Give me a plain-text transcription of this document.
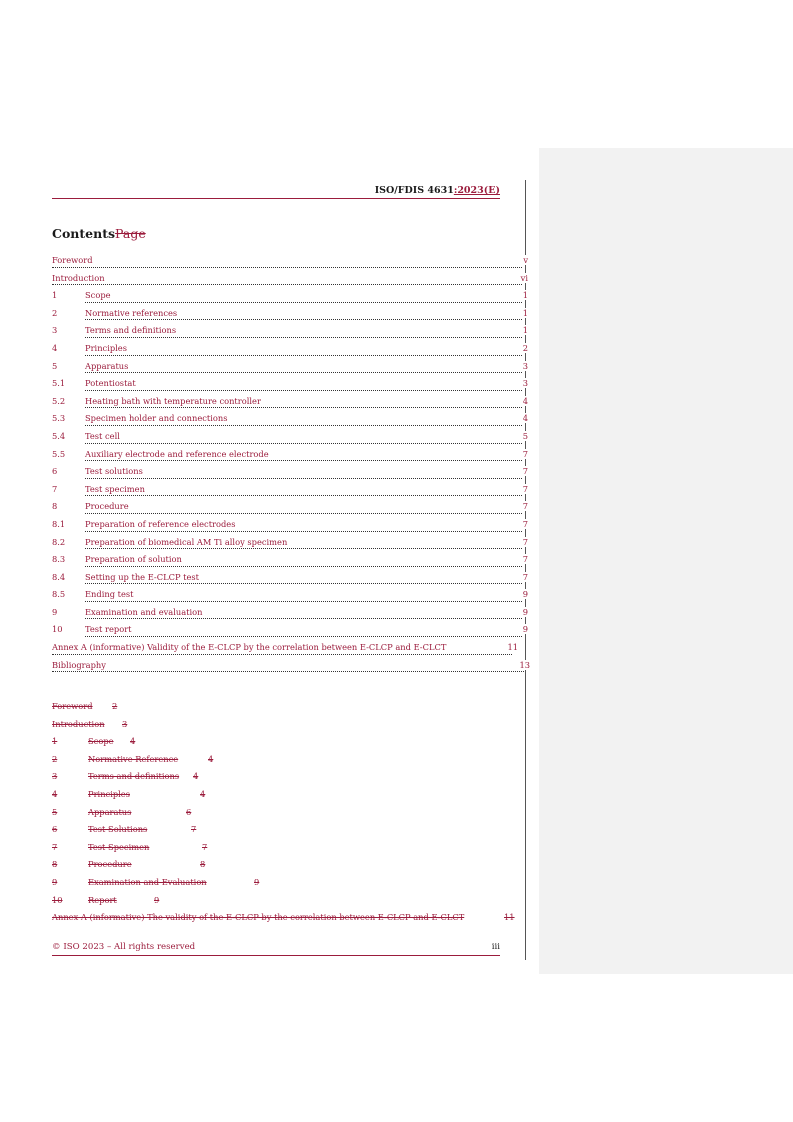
ISO/FDIS 4631:2023(E)
ContentsPage
Foreword	v
Introduction	vi
1	Scope	1
2	Normative references	1
3	Terms and definitions	1
4	Principles	2
5	Apparatus	3
5.1	Potentiostat	3
5.2	Heating bath with temperature controller	4
5.3	Specimen holder and connections	4
5.4	Test cell	5
5.5	Auxiliary electrode and reference electrode	7
6	Test solutions	7
7	Test specimen	7
8	Procedure	7
8.1	Preparation of reference electrodes	7
8.2	Preparation of biomedical AM Ti alloy specimen	7
8.3	Preparation of solution	7
8.4	Setting up the E-CLCP test	7
8.5	Ending test	9
9	Examination and evaluation	9
10	Test report	9
Annex A (informative) Validity of the E-CLCP by the correlation between E-CLCP and E-CLCT	11
Bibliography	13
Foreword 2
Introduction 3
1	Scope 4
2	Normative Reference	4
3	Terms and definitions 4
4	Principles	4
5	Apparatus	6
6	Test Solutions	7
7	Test Specimen	7
8	Procedure	8
9	Examination and Evaluation	9
10	Report	9
Annex A (informative) The validity of the E-CLCP by the correlation between E-CLCP and E-CLCT	11
© ISO 2023 – All rights reserved	iii
